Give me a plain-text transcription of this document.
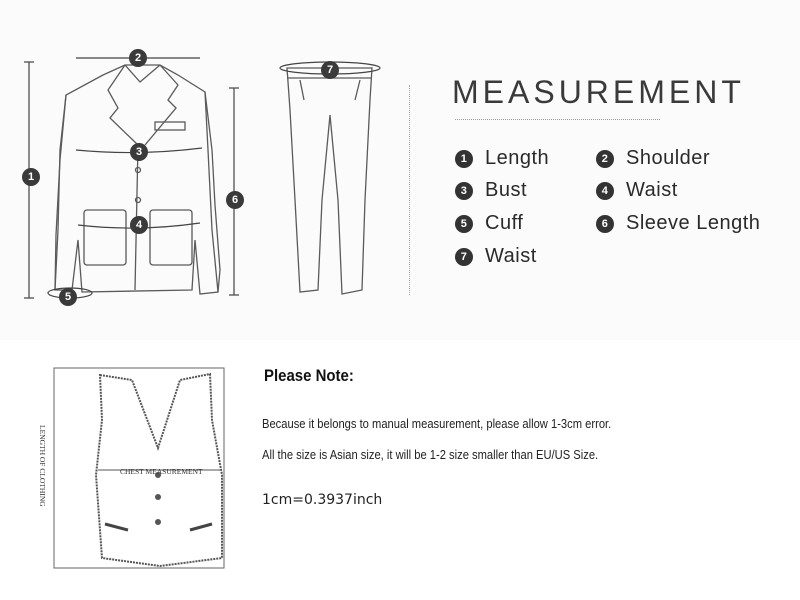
2
1
3
4
5
6
7
CHEST MEASUREMENT
LENGTH OF CLOTHING
MEASUREMENT
1 Length	2 Shoulder
3 Bust	4 Waist
5 Cuff	6 Sleeve Length
7 Waist
Please Note:
Because it belongs to manual measurement, please allow 1-3cm error.
All the size is Asian size, it will be 1-2 size smaller than EU/US Size.
1cm=0.3937inch
